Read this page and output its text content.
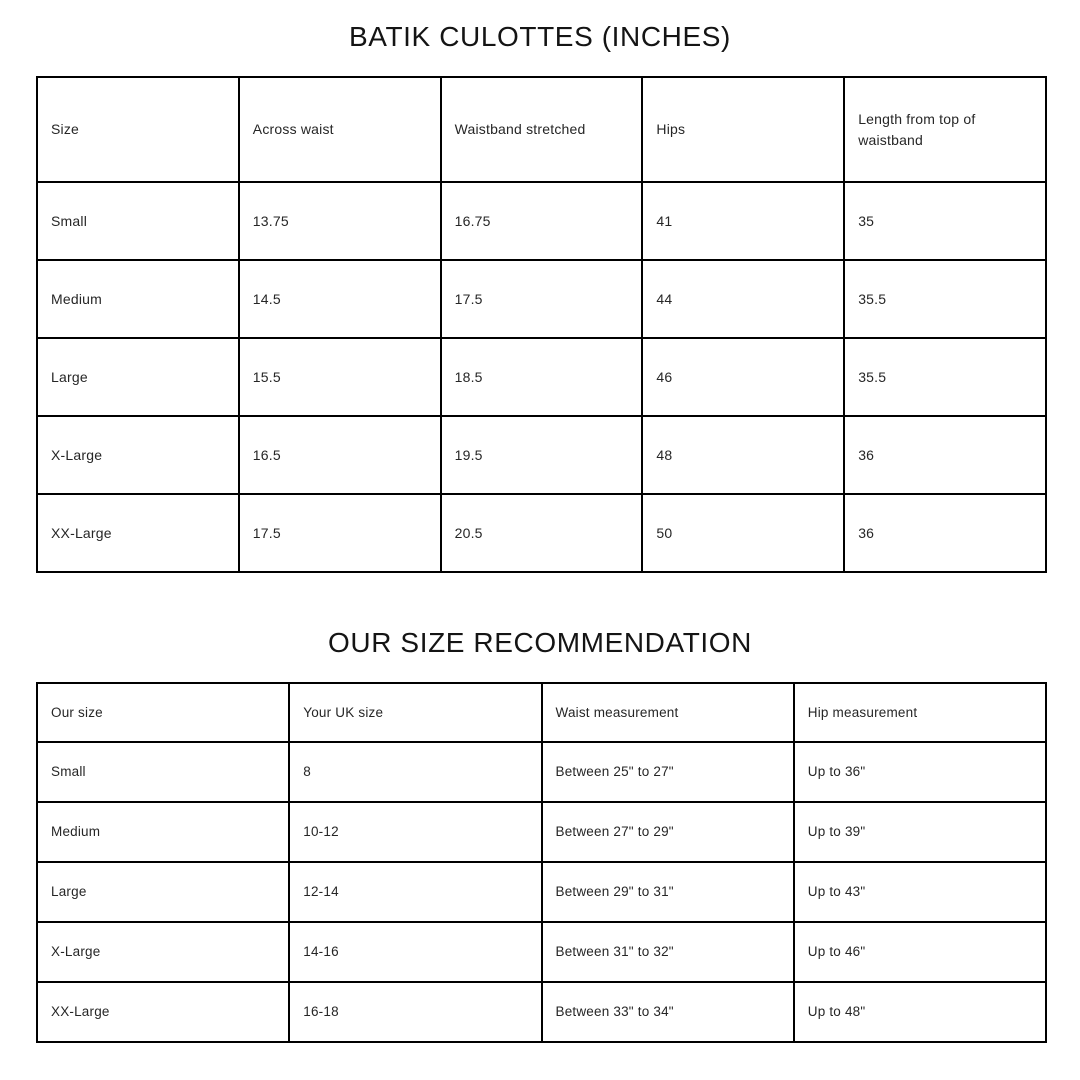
BATIK CULOTTES (INCHES)
Size	Across waist	Waistband stretched	Hips	Length from top of waistband
Small	13.75	16.75	41	35
Medium	14.5	17.5	44	35.5
Large	15.5	18.5	46	35.5
X-Large	16.5	19.5	48	36
XX-Large	17.5	20.5	50	36
OUR SIZE RECOMMENDATION
Our size	Your UK size	Waist measurement	Hip measurement
Small	8	Between 25" to 27"	Up to 36"
Medium	10-12	Between 27" to 29"	Up to 39"
Large	12-14	Between 29" to 31"	Up to 43"
X-Large	14-16	Between 31" to 32"	Up to 46"
XX-Large	16-18	Between 33" to 34"	Up to 48"
